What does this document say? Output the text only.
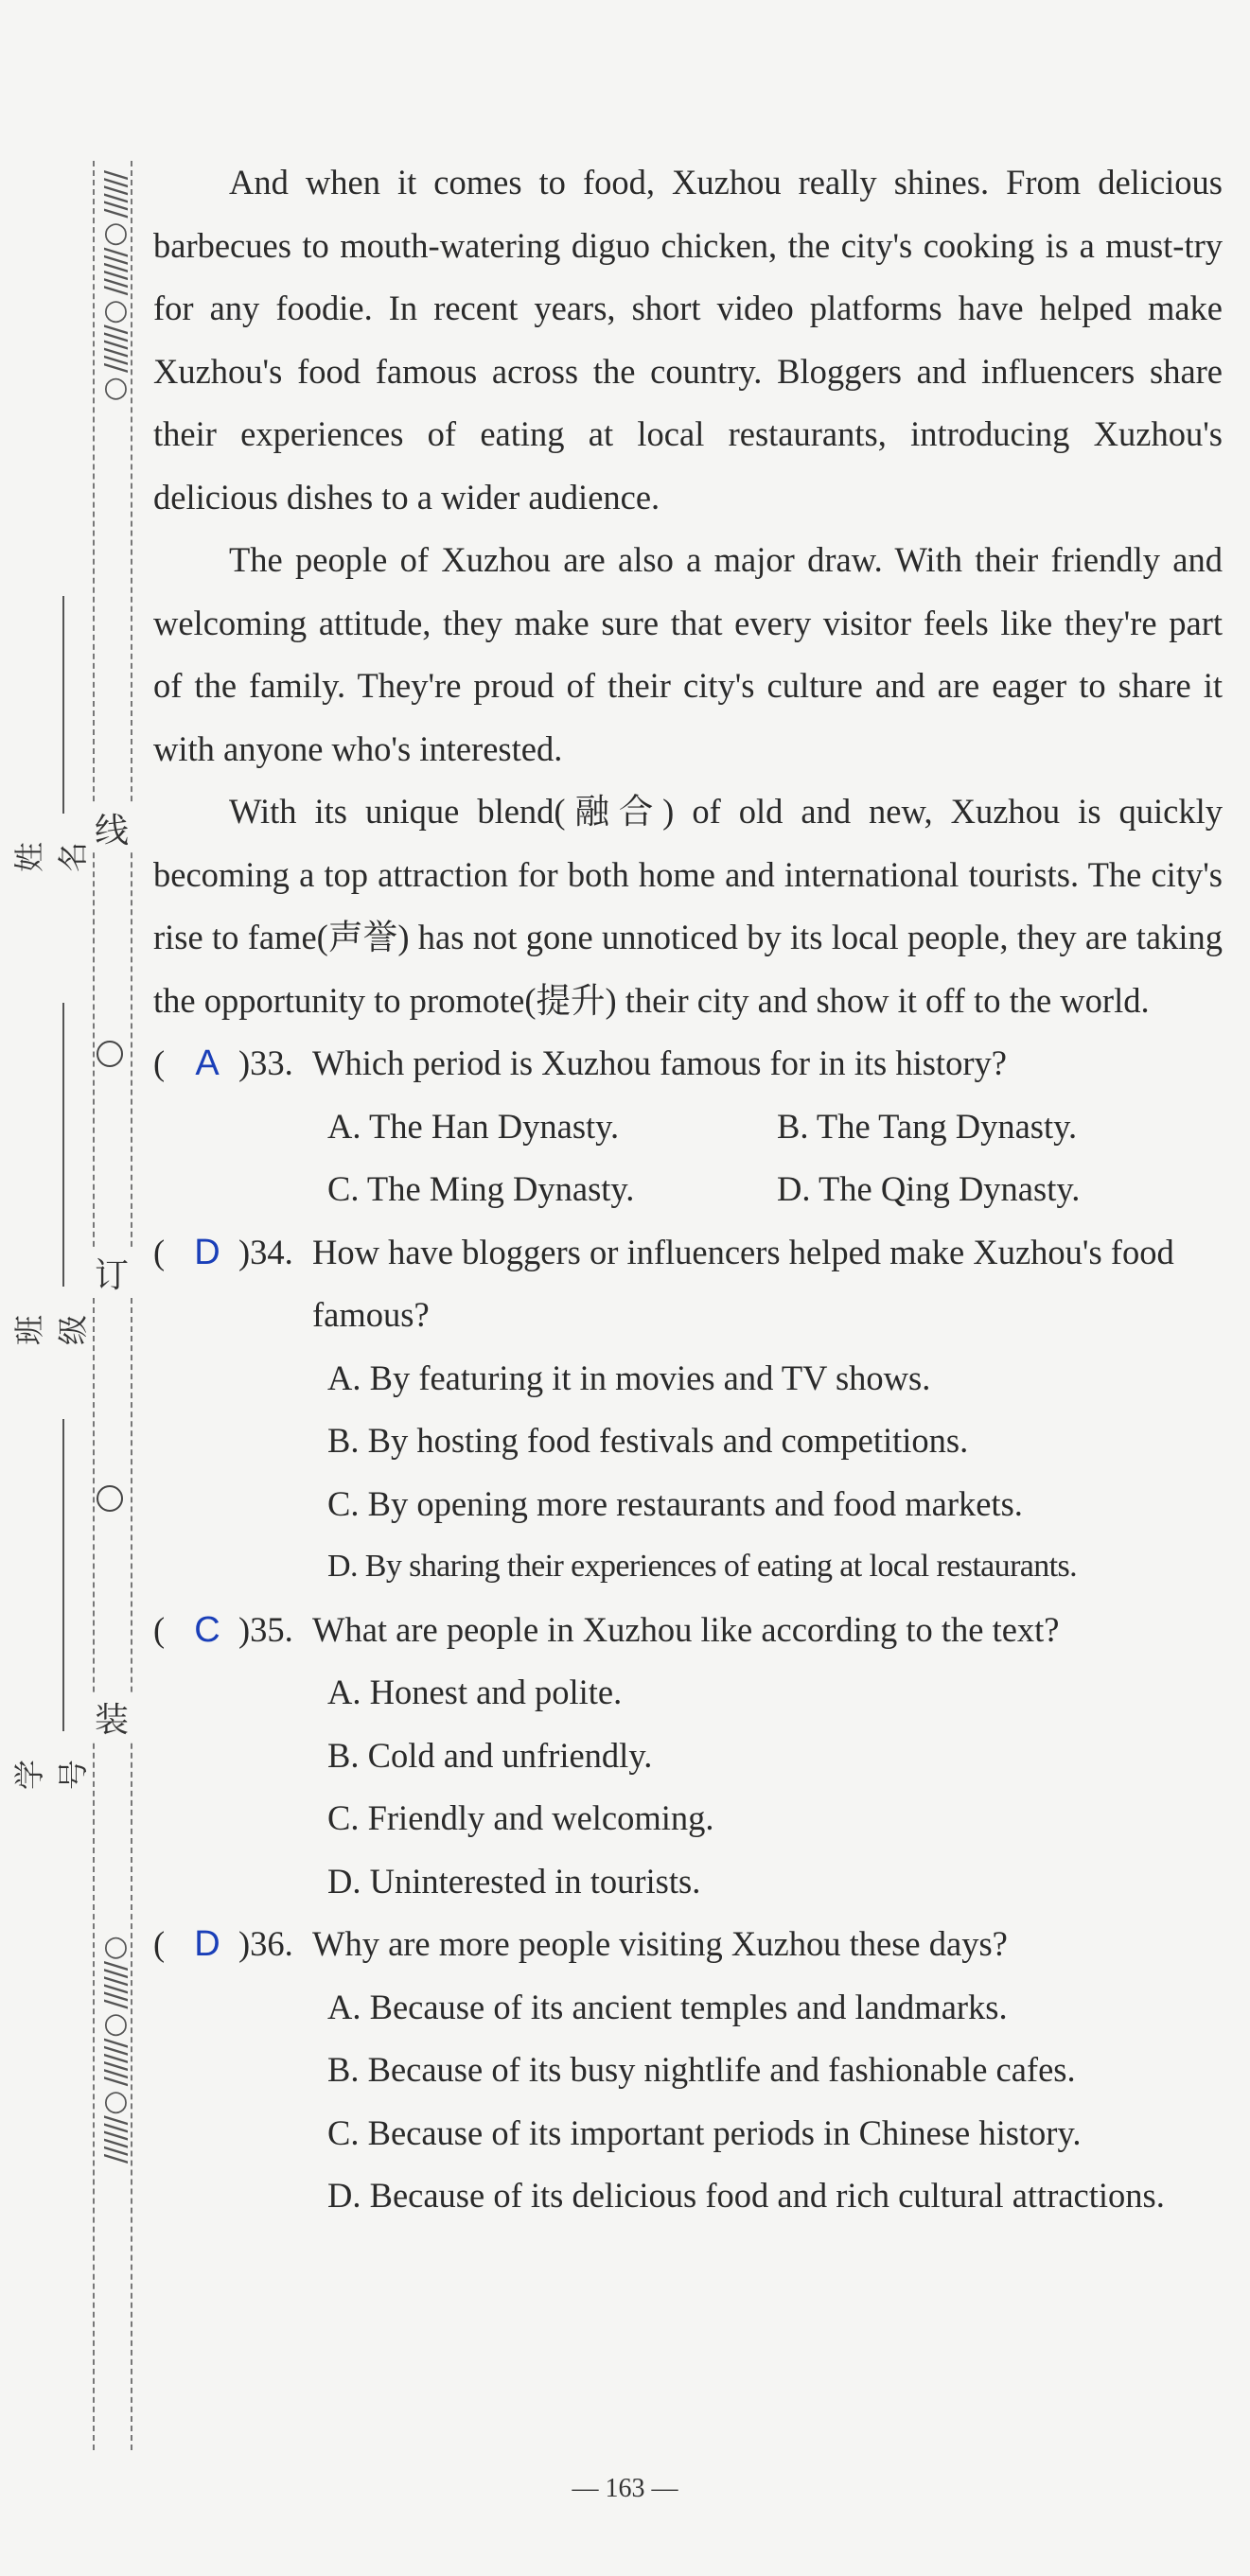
//////○//////○//////○
线
订
装
○//////○//////○//////
姓名
班级
学号

And when it comes to food, Xuzhou really shines. From delicious barbecues to mouth-watering diguo chicken, the city's cooking is a must-try for any foodie. In recent years, short video platforms have helped make Xuzhou's food famous across the country. Bloggers and influencers share their experiences of eating at local restaurants, introducing Xuzhou's delicious dishes to a wider audience.

The people of Xuzhou are also a major draw. With their friendly and welcoming attitude, they make sure that every visitor feels like they're part of the family. They're proud of their city's culture and are eager to share it with anyone who's interested.

With its unique blend(融合) of old and new, Xuzhou is quickly becoming a top attraction for both home and international tourists. The city's rise to fame(声誉) has not gone unnoticed by its local people, they are taking the opportunity to promote(提升) their city and show it off to the world.

( A )33. Which period is Xuzhou famous for in its history?
A. The Han Dynasty.	B. The Tang Dynasty.
C. The Ming Dynasty.	D. The Qing Dynasty.
( D )34. How have bloggers or influencers helped make Xuzhou's food famous?
A. By featuring it in movies and TV shows.
B. By hosting food festivals and competitions.
C. By opening more restaurants and food markets.
D. By sharing their experiences of eating at local restaurants.
( C )35. What are people in Xuzhou like according to the text?
A. Honest and polite.
B. Cold and unfriendly.
C. Friendly and welcoming.
D. Uninterested in tourists.
( D )36. Why are more people visiting Xuzhou these days?
A. Because of its ancient temples and landmarks.
B. Because of its busy nightlife and fashionable cafes.
C. Because of its important periods in Chinese history.
D. Because of its delicious food and rich cultural attractions.
— 163 —
